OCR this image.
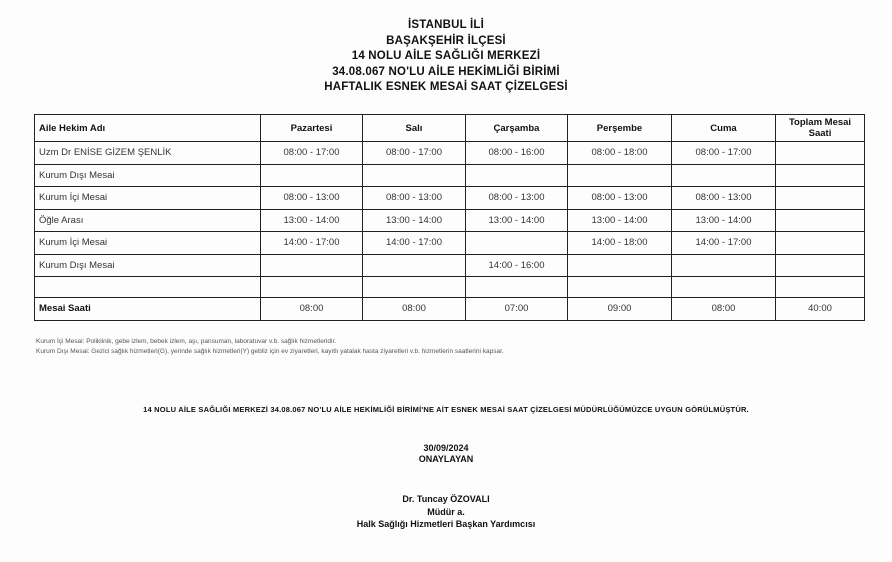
İSTANBUL İLİ
BAŞAKŞEHİR İLÇESİ
14 NOLU AİLE SAĞLIĞI MERKEZİ
34.08.067 NO'LU AİLE HEKİMLİĞİ BİRİMİ
HAFTALIK ESNEK MESAİ SAAT ÇİZELGESİ
Aile Hekim Adı	Pazartesi	Salı	Çarşamba	Perşembe	Cuma	Toplam Mesai Saati
Uzm Dr ENİSE GİZEM ŞENLİK	08:00 - 17:00	08:00 - 17:00	08:00 - 16:00	08:00 - 18:00	08:00 - 17:00	
Kurum Dışı Mesai						
Kurum İçi Mesai	08:00 - 13:00	08:00 - 13:00	08:00 - 13:00	08:00 - 13:00	08:00 - 13:00	
Öğle Arası	13:00 - 14:00	13:00 - 14:00	13:00 - 14:00	13:00 - 14:00	13:00 - 14:00	
Kurum İçi Mesai	14:00 - 17:00	14:00 - 17:00		14:00 - 18:00	14:00 - 17:00	
Kurum Dışı Mesai			14:00 - 16:00			

Mesai Saati	08:00	08:00	07:00	09:00	08:00	40:00
Kurum İçi Mesai: Poliklinik, gebe izlem, bebek izlem, aşı, pansuman, laboratuvar v.b. sağlık hizmetleridir.
Kurum Dışı Mesai: Gezici sağlık hizmetleri(G), yerinde sağlık hizmetleri(Y) gebliz için ev ziyaretleri, kayıtlı yatalak hasta ziyaretleri v.b. hizmetlerin saatlerini kapsar.
14 NOLU AİLE SAĞLIĞI MERKEZİ 34.08.067 NO'LU AİLE HEKİMLİĞİ BİRİMİ'NE AİT ESNEK MESAİ SAAT ÇİZELGESİ MÜDÜRLÜĞÜMÜZCE UYGUN GÖRÜLMÜŞTÜR.
30/09/2024
ONAYLAYAN
Dr. Tuncay ÖZOVALI
Müdür a.
Halk Sağlığı Hizmetleri Başkan Yardımcısı
